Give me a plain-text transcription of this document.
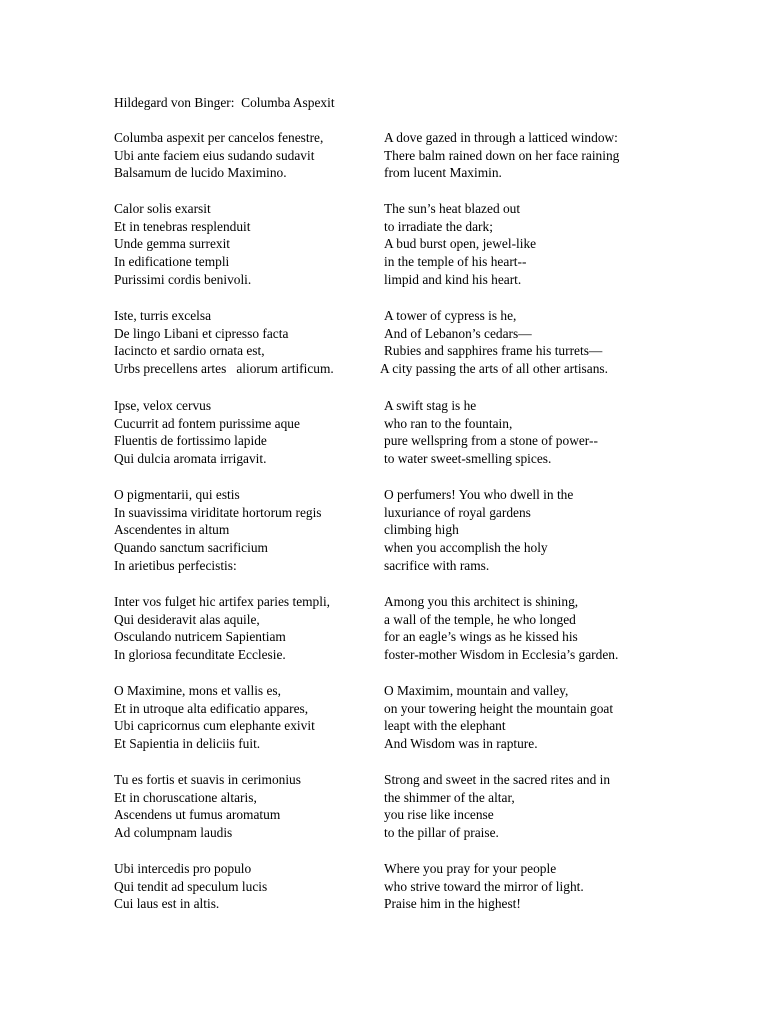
Hildegard von Binger:  Columba Aspexit
Columba aspexit per cancelos fenestre,
Ubi ante faciem eius sudando sudavit
Balsamum de lucido Maximino.
A dove gazed in through a latticed window:
There balm rained down on her face raining
from lucent Maximin.
Calor solis exarsit
Et in tenebras resplenduit
Unde gemma surrexit
In edificatione templi
Purissimi cordis benivoli.
The sun’s heat blazed out
to irradiate the dark;
A bud burst open, jewel-like
in the temple of his heart--
limpid and kind his heart.
Iste, turris excelsa
De lingo Libani et cipresso facta
Iacincto et sardio ornata est,
Urbs precellens artes   aliorum artificum.
A tower of cypress is he,
And of Lebanon’s cedars—
Rubies and sapphires frame his turrets—
A city passing the arts of all other artisans.
Ipse, velox cervus
Cucurrit ad fontem purissime aque
Fluentis de fortissimo lapide
Qui dulcia aromata irrigavit.
A swift stag is he
who ran to the fountain,
pure wellspring from a stone of power--
to water sweet-smelling spices.
O pigmentarii, qui estis
In suavissima viriditate hortorum regis
Ascendentes in altum
Quando sanctum sacrificium
In arietibus perfecistis:
O perfumers! You who dwell in the
luxuriance of royal gardens
climbing high
when you accomplish the holy
sacrifice with rams.
Inter vos fulget hic artifex paries templi,
Qui desideravit alas aquile,
Osculando nutricem Sapientiam
In gloriosa fecunditate Ecclesie.
Among you this architect is shining,
a wall of the temple, he who longed
for an eagle’s wings as he kissed his
foster-mother Wisdom in Ecclesia’s garden.
O Maximine, mons et vallis es,
Et in utroque alta edificatio appares,
Ubi capricornus cum elephante exivit
Et Sapientia in deliciis fuit.
O Maximim, mountain and valley,
on your towering height the mountain goat
leapt with the elephant
And Wisdom was in rapture.
Tu es fortis et suavis in cerimonius
Et in choruscatione altaris,
Ascendens ut fumus aromatum
Ad columpnam laudis
Strong and sweet in the sacred rites and in
the shimmer of the altar,
you rise like incense
to the pillar of praise.
Ubi intercedis pro populo
Qui tendit ad speculum lucis
Cui laus est in altis.
Where you pray for your people
who strive toward the mirror of light.
Praise him in the highest!
